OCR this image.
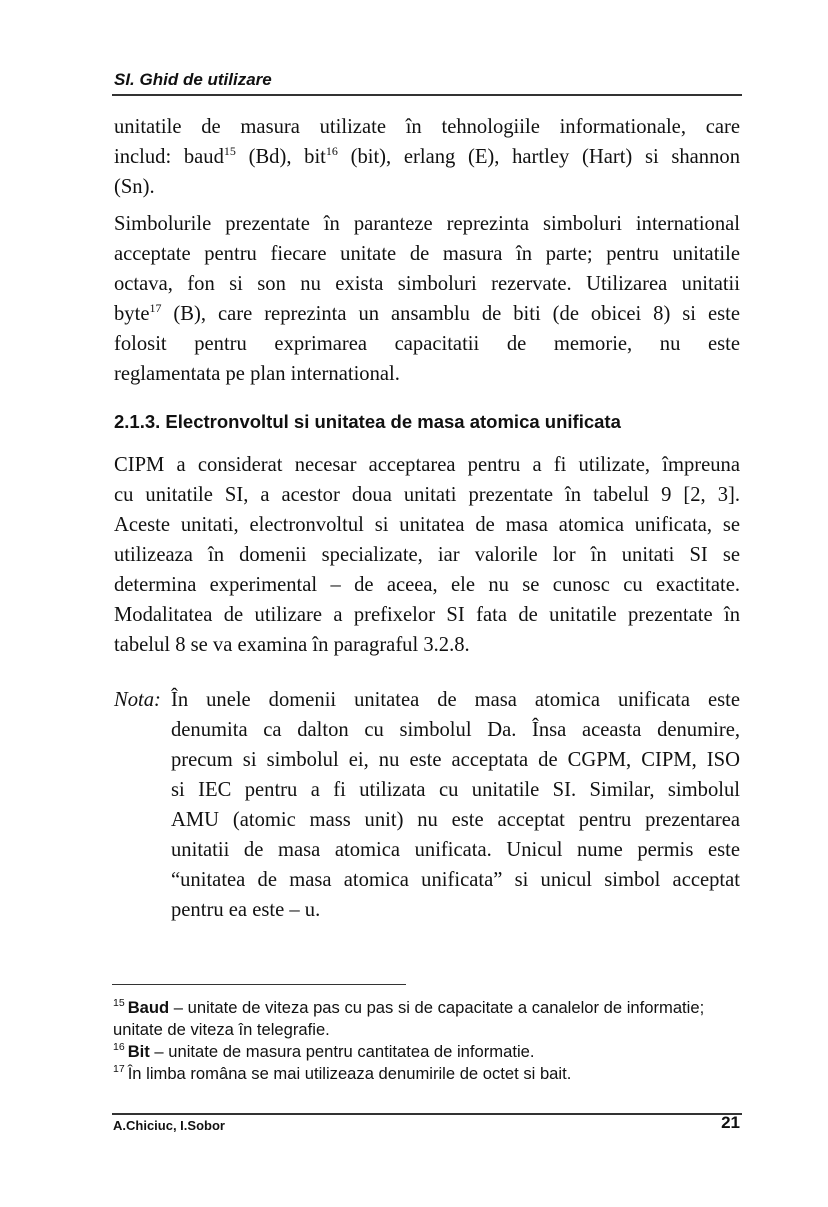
SI. Ghid de utilizare

unitatile de masura utilizate în tehnologiile informationale, care
includ: baud$^{15}$ (Bd), bit$^{16}$ (bit), erlang (E), hartley (Hart) si shannon
(Sn).

Simbolurile prezentate în paranteze reprezinta simboluri international
acceptate pentru fiecare unitate de masura în parte; pentru unitatile
octava, fon si son nu exista simboluri rezervate. Utilizarea unitatii
byte$^{17}$ (B), care reprezinta un ansamblu de biti (de obicei 8) si este
folosit pentru exprimarea capacitatii de memorie, nu este
reglamentata pe plan international.

2.1.3. Electronvoltul si unitatea de masa atomica unificata

CIPM a considerat necesar acceptarea pentru a fi utilizate, împreuna
cu unitatile SI, a acestor doua unitati prezentate în tabelul 9 [2, 3].
Aceste unitati, electronvoltul si unitatea de masa atomica unificata, se
utilizeaza în domenii specializate, iar valorile lor în unitati SI se
determina experimental – de aceea, ele nu se cunosc cu exactitate.
Modalitatea de utilizare a prefixelor SI fata de unitatile prezentate în
tabelul 8 se va examina în paragraful 3.2.8.

Nota: În unele domenii unitatea de masa atomica unificata este
denumita ca dalton cu simbolul Da. Însa aceasta denumire,
precum si simbolul ei, nu este acceptata de CGPM, CIPM, ISO
si IEC pentru a fi utilizata cu unitatile SI. Similar, simbolul
AMU (atomic mass unit) nu este acceptat pentru prezentarea
unitatii de masa atomica unificata. Unicul nume permis este
“unitatea de masa atomica unificata” si unicul simbol acceptat
pentru ea este – u.

$^{15}$ Baud – unitate de viteza pas cu pas si de capacitate a canalelor de informatie; unitate de viteza în telegrafie.

$^{16}$ Bit – unitate de masura pentru cantitatea de informatie.

$^{17}$ În limba româna se mai utilizeaza denumirile de octet si bait.

A.Chiciuc, I.Sobor	21
